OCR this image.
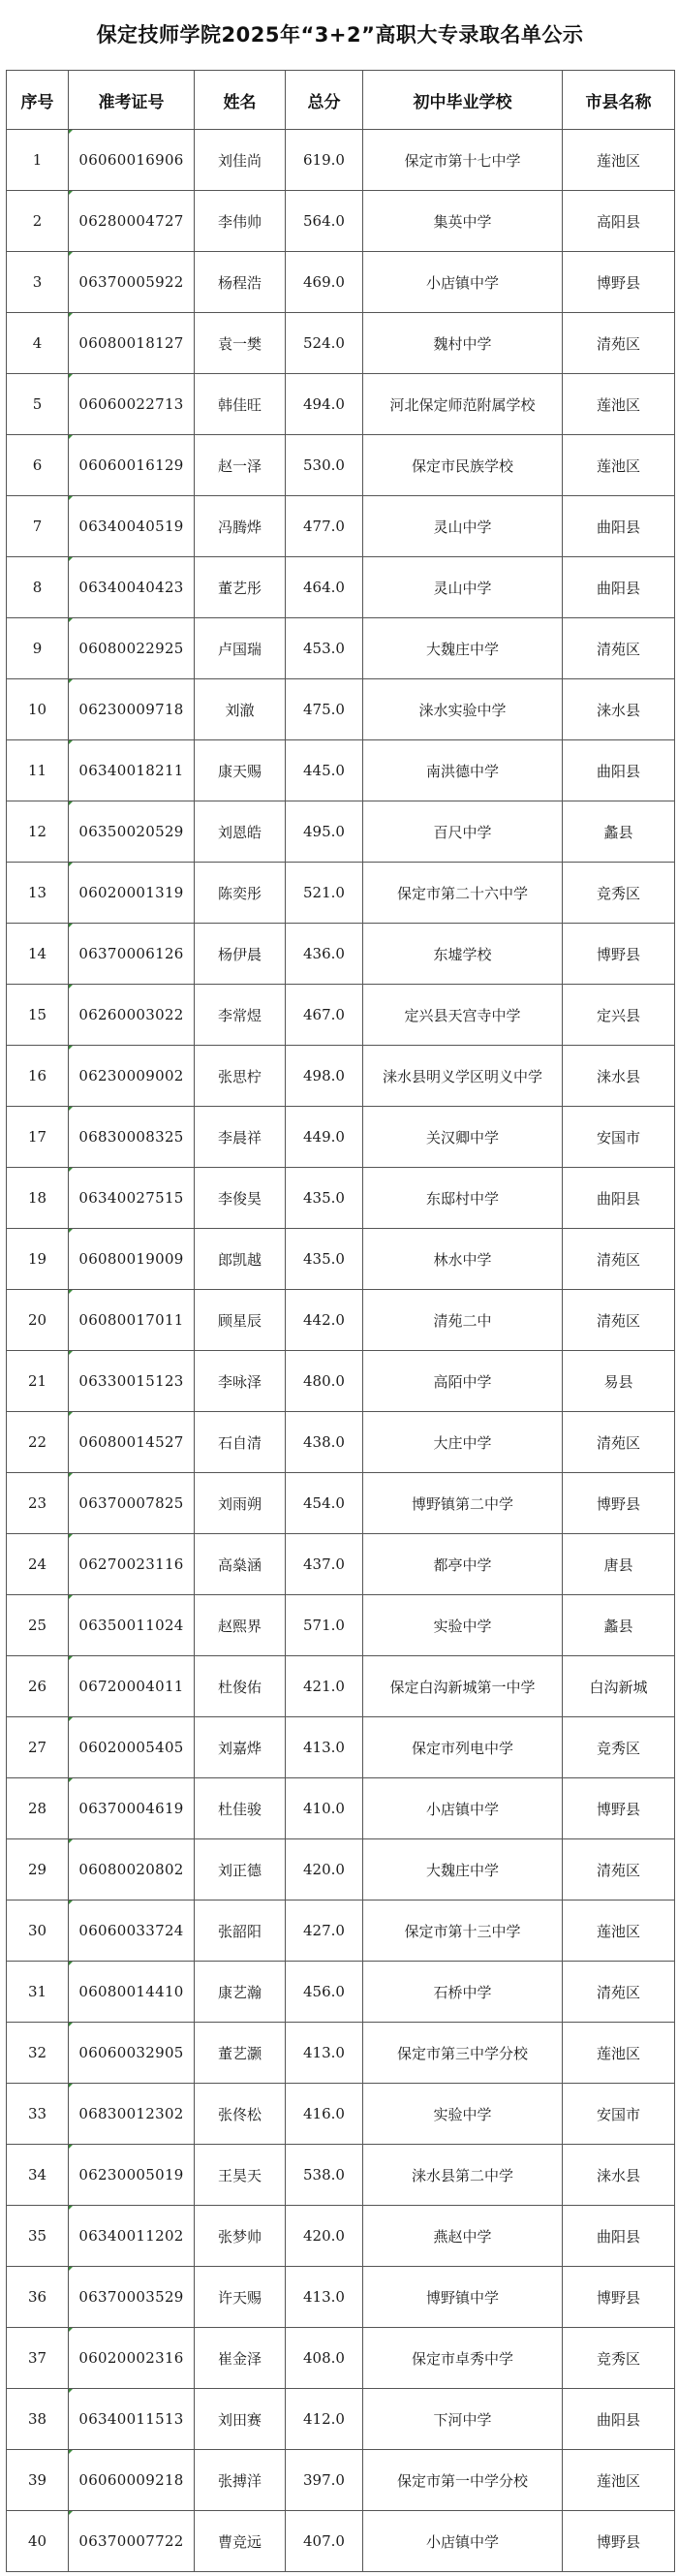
保定技师学院2025年“3+2”高职大专录取名单公示
序号	准考证号	姓名	总分	初中毕业学校	市县名称
1	06060016906	刘佳尚	619.0	保定市第十七中学	莲池区
2	06280004727	李伟帅	564.0	集英中学	高阳县
3	06370005922	杨程浩	469.0	小店镇中学	博野县
4	06080018127	袁一樊	524.0	魏村中学	清苑区
5	06060022713	韩佳旺	494.0	河北保定师范附属学校	莲池区
6	06060016129	赵一泽	530.0	保定市民族学校	莲池区
7	06340040519	冯腾烨	477.0	灵山中学	曲阳县
8	06340040423	董艺彤	464.0	灵山中学	曲阳县
9	06080022925	卢国瑞	453.0	大魏庄中学	清苑区
10	06230009718	刘澈	475.0	涞水实验中学	涞水县
11	06340018211	康天赐	445.0	南洪德中学	曲阳县
12	06350020529	刘恩皓	495.0	百尺中学	蠡县
13	06020001319	陈奕彤	521.0	保定市第二十六中学	竞秀区
14	06370006126	杨伊晨	436.0	东墟学校	博野县
15	06260003022	李常煜	467.0	定兴县天宫寺中学	定兴县
16	06230009002	张思柠	498.0	涞水县明义学区明义中学	涞水县
17	06830008325	李晨祥	449.0	关汉卿中学	安国市
18	06340027515	李俊昊	435.0	东邸村中学	曲阳县
19	06080019009	郎凯越	435.0	林水中学	清苑区
20	06080017011	顾星辰	442.0	清苑二中	清苑区
21	06330015123	李咏泽	480.0	高陌中学	易县
22	06080014527	石自清	438.0	大庄中学	清苑区
23	06370007825	刘雨朔	454.0	博野镇第二中学	博野县
24	06270023116	高燊涵	437.0	都亭中学	唐县
25	06350011024	赵熙界	571.0	实验中学	蠡县
26	06720004011	杜俊佑	421.0	保定白沟新城第一中学	白沟新城
27	06020005405	刘嘉烨	413.0	保定市列电中学	竞秀区
28	06370004619	杜佳骏	410.0	小店镇中学	博野县
29	06080020802	刘正德	420.0	大魏庄中学	清苑区
30	06060033724	张韶阳	427.0	保定市第十三中学	莲池区
31	06080014410	康艺瀚	456.0	石桥中学	清苑区
32	06060032905	董艺灏	413.0	保定市第三中学分校	莲池区
33	06830012302	张佟松	416.0	实验中学	安国市
34	06230005019	王昊天	538.0	涞水县第二中学	涞水县
35	06340011202	张梦帅	420.0	燕赵中学	曲阳县
36	06370003529	许天赐	413.0	博野镇中学	博野县
37	06020002316	崔金泽	408.0	保定市卓秀中学	竞秀区
38	06340011513	刘田赛	412.0	下河中学	曲阳县
39	06060009218	张搏洋	397.0	保定市第一中学分校	莲池区
40	06370007722	曹竞远	407.0	小店镇中学	博野县
